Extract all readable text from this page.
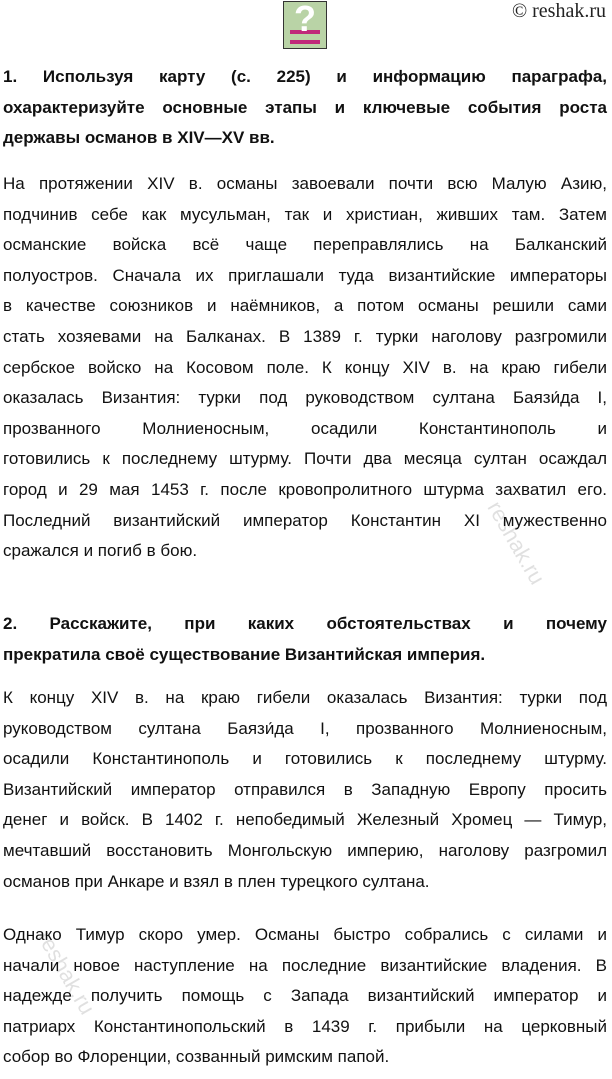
?	© reshak.ru
1. Используя карту (с. 225) и информацию параграфа,
охарактеризуйте основные этапы и ключевые события роста
державы османов в XIV—XV вв.
На протяжении XIV в. османы завоевали почти всю Малую Азию,
подчинив себе как мусульман, так и христиан, живших там. Затем
османские войска всё чаще переправлялись на Балканский
полуостров. Сначала их приглашали туда византийские императоры
в качестве союзников и наёмников, а потом османы решили сами
стать хозяевами на Балканах. В 1389 г. турки наголову разгромили
сербское войско на Косовом поле. К концу XIV в. на краю гибели
оказалась Византия: турки под руководством султана Баязи́да I,
прозванного Молниеносным, осадили Константинополь и
готовились к последнему штурму. Почти два месяца султан осаждал
город и 29 мая 1453 г. после кровопролитного штурма захватил его.
Последний византийский император Константин XI мужественно
сражался и погиб в бою.
2. Расскажите, при каких обстоятельствах и почему
прекратила своё существование Византийская империя.
К концу XIV в. на краю гибели оказалась Византия: турки под
руководством султана Баязи́да I, прозванного Молниеносным,
осадили Константинополь и готовились к последнему штурму.
Византийский император отправился в Западную Европу просить
денег и войск. В 1402 г. непобедимый Железный Хромец — Тимур,
мечтавший восстановить Монгольскую империю, наголову разгромил
османов при Анкаре и взял в плен турецкого султана.
Однако Тимур скоро умер. Османы быстро собрались с силами и
начали новое наступление на последние византийские владения. В
надежде получить помощь с Запада византийский император и
патриарх Константинопольский в 1439 г. прибыли на церковный
собор во Флоренции, созванный римским папой.
reshak.ru
reshak.ru
